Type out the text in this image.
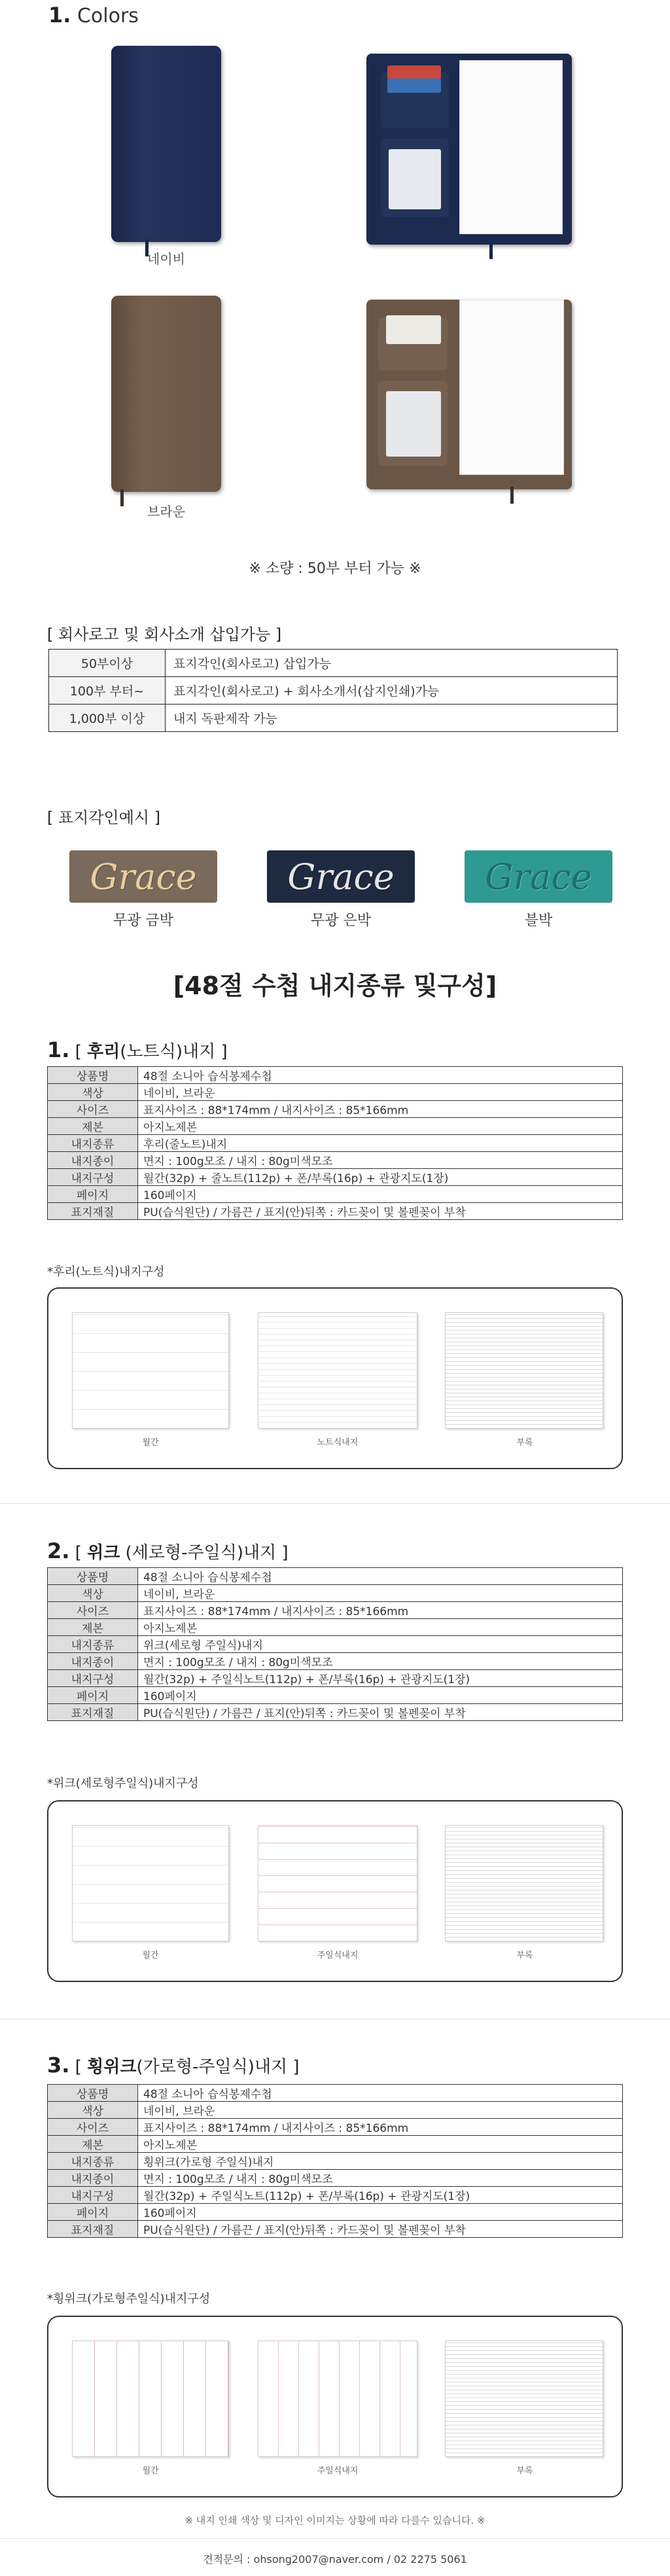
1. Colors
네이비
브라운
※ 소량 : 50부 부터 가능 ※
[ 회사로고 및 회사소개 삽입가능 ]
50부이상	표지각인(회사로고) 삽입가능
100부 부터~	표지각인(회사로고) + 회사소개서(삽지인쇄)가능
1,000부 이상	내지 독판제작 가능
[ 표지각인예시 ]
Grace
무광 금박
Grace
무광 은박
Grace
블박
[48절 수첩 내지종류 및구성]
1. [ 후리(노트식)내지 ]
상품명	48절 소니아 습식봉제수첩
색상	네이비, 브라운
사이즈	표지사이즈 : 88*174mm / 내지사이즈 : 85*166mm
제본	아지노제본
내지종류	후리(줄노트)내지
내지종이	면지 : 100g모조 / 내지 : 80g미색모조
내지구성	월간(32p) + 줄노트(112p) + 폰/부록(16p) + 관광지도(1장)
페이지	160페이지
표지재질	PU(습식원단) / 가름끈 / 표지(안)뒤쪽 : 카드꽂이 및 볼펜꽂이 부착
*후리(노트식)내지구성
월간	노트식내지	부록
2. [ 위크 (세로형-주일식)내지 ]
상품명	48절 소니아 습식봉제수첩
색상	네이비, 브라운
사이즈	표지사이즈 : 88*174mm / 내지사이즈 : 85*166mm
제본	아지노제본
내지종류	위크(세로형 주일식)내지
내지종이	면지 : 100g모조 / 내지 : 80g미색모조
내지구성	월간(32p) + 주일식노트(112p) + 폰/부록(16p) + 관광지도(1장)
페이지	160페이지
표지재질	PU(습식원단) / 가름끈 / 표지(안)뒤쪽 : 카드꽂이 및 볼펜꽂이 부착
*위크(세로형주일식)내지구성
월간	주일식내지	부록
3. [ 횡위크(가로형-주일식)내지 ]
상품명	48절 소니아 습식봉제수첩
색상	네이비, 브라운
사이즈	표지사이즈 : 88*174mm / 내지사이즈 : 85*166mm
제본	아지노제본
내지종류	횡위크(가로형 주일식)내지
내지종이	면지 : 100g모조 / 내지 : 80g미색모조
내지구성	월간(32p) + 주일식노트(112p) + 폰/부록(16p) + 관광지도(1장)
페이지	160페이지
표지재질	PU(습식원단) / 가름끈 / 표지(안)뒤쪽 : 카드꽂이 및 볼펜꽂이 부착
*횡위크(가로형주일식)내지구성
월간	주일식내지	부록
※ 내지 인쇄 색상 및 디자인 이미지는 상황에 따라 다를수 있습니다. ※
견적문의 : ohsong2007@naver.com / 02 2275 5061
